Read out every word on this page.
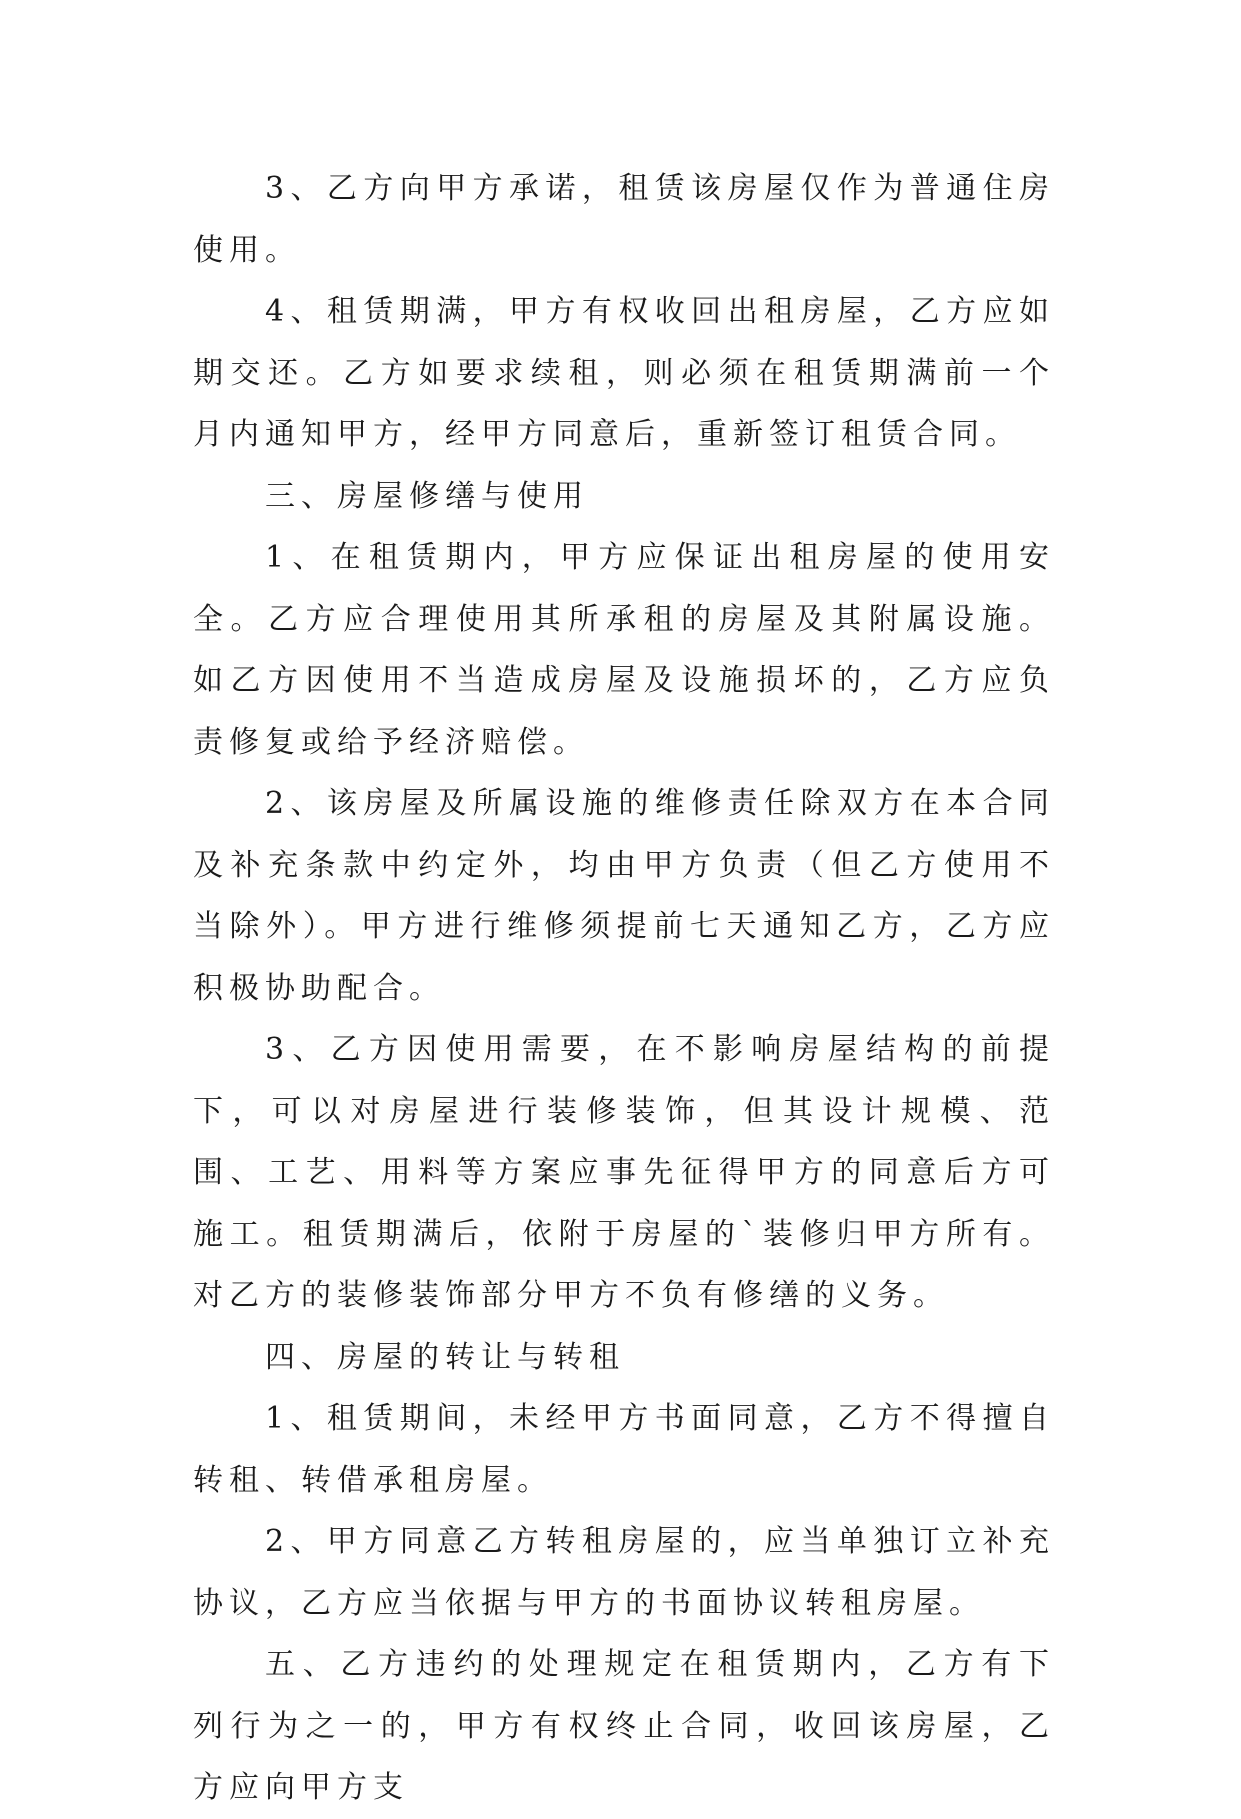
3、乙方向甲方承诺，租赁该房屋仅作为普通住房使用。

4、租赁期满，甲方有权收回出租房屋，乙方应如期交还。乙方如要求续租，则必须在租赁期满前一个月内通知甲方，经甲方同意后，重新签订租赁合同。

三、房屋修缮与使用

1、在租赁期内，甲方应保证出租房屋的使用安全。乙方应合理使用其所承租的房屋及其附属设施。如乙方因使用不当造成房屋及设施损坏的，乙方应负责修复或给予经济赔偿。

2、该房屋及所属设施的维修责任除双方在本合同及补充条款中约定外，均由甲方负责（但乙方使用不当除外）。甲方进行维修须提前七天通知乙方，乙方应积极协助配合。

3、乙方因使用需要，在不影响房屋结构的前提下，可以对房屋进行装修装饰，但其设计规模、范围、工艺、用料等方案应事先征得甲方的同意后方可施工。租赁期满后，依附于房屋的`装修归甲方所有。对乙方的装修装饰部分甲方不负有修缮的义务。

四、房屋的转让与转租

1、租赁期间，未经甲方书面同意，乙方不得擅自转租、转借承租房屋。

2、甲方同意乙方转租房屋的，应当单独订立补充协议，乙方应当依据与甲方的书面协议转租房屋。

五、乙方违约的处理规定在租赁期内，乙方有下列行为之一的，甲方有权终止合同，收回该房屋，乙方应向甲方支
